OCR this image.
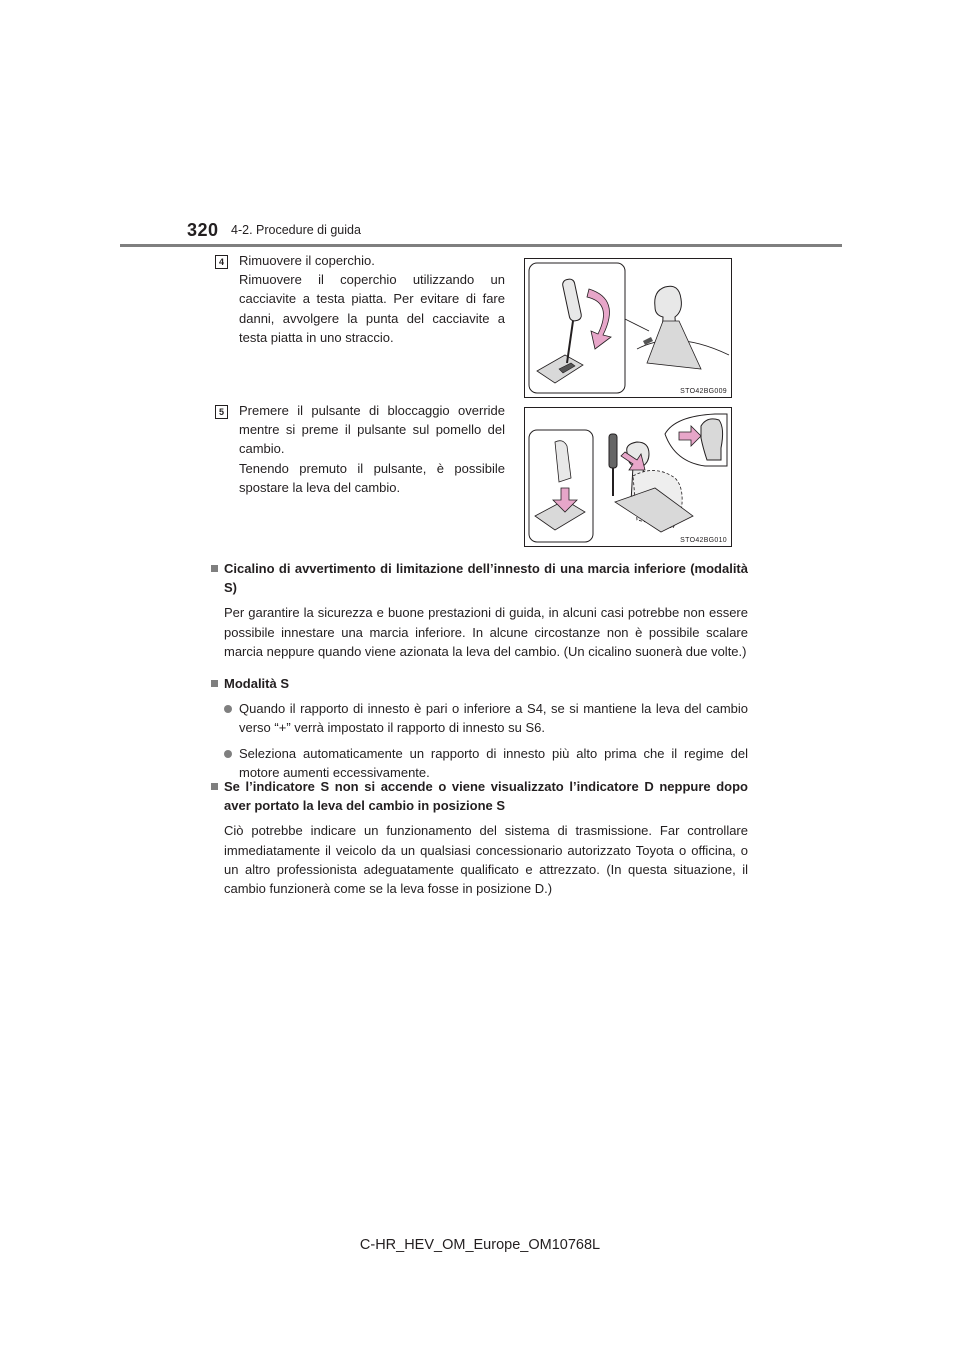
320 4-2. Procedure di guida
4	Rimuovere il coperchio.

Rimuovere il coperchio utilizzando un cacciavite a testa piatta. Per evitare di fare danni, avvolgere la punta del cacciavite a testa piatta in uno straccio.

STO42BG009
5	Premere il pulsante di bloccaggio override mentre si preme il pulsante sul pomello del cambio.

Tenendo premuto il pulsante, è possibile spostare la leva del cambio.

STO42BG010
Cicalino di avvertimento di limitazione dell’innesto di una marcia inferiore (modalità S)
Per garantire la sicurezza e buone prestazioni di guida, in alcuni casi potrebbe non essere possibile innestare una marcia inferiore. In alcune circostanze non è possibile scalare marcia neppure quando viene azionata la leva del cambio. (Un cicalino suonerà due volte.)
Modalità S
Quando il rapporto di innesto è pari o inferiore a S4, se si mantiene la leva del cambio verso “+” verrà impostato il rapporto di innesto su S6.
Seleziona automaticamente un rapporto di innesto più alto prima che il regime del motore aumenti eccessivamente.
Se l’indicatore S non si accende o viene visualizzato l’indicatore D neppure dopo aver portato la leva del cambio in posizione S
Ciò potrebbe indicare un funzionamento del sistema di trasmissione. Far controllare immediatamente il veicolo da un qualsiasi concessionario autorizzato Toyota o officina, o un altro professionista adeguatamente qualificato e attrezzato. (In questa situazione, il cambio funzionerà come se la leva fosse in posizione D.)
C-HR_HEV_OM_Europe_OM10768L
